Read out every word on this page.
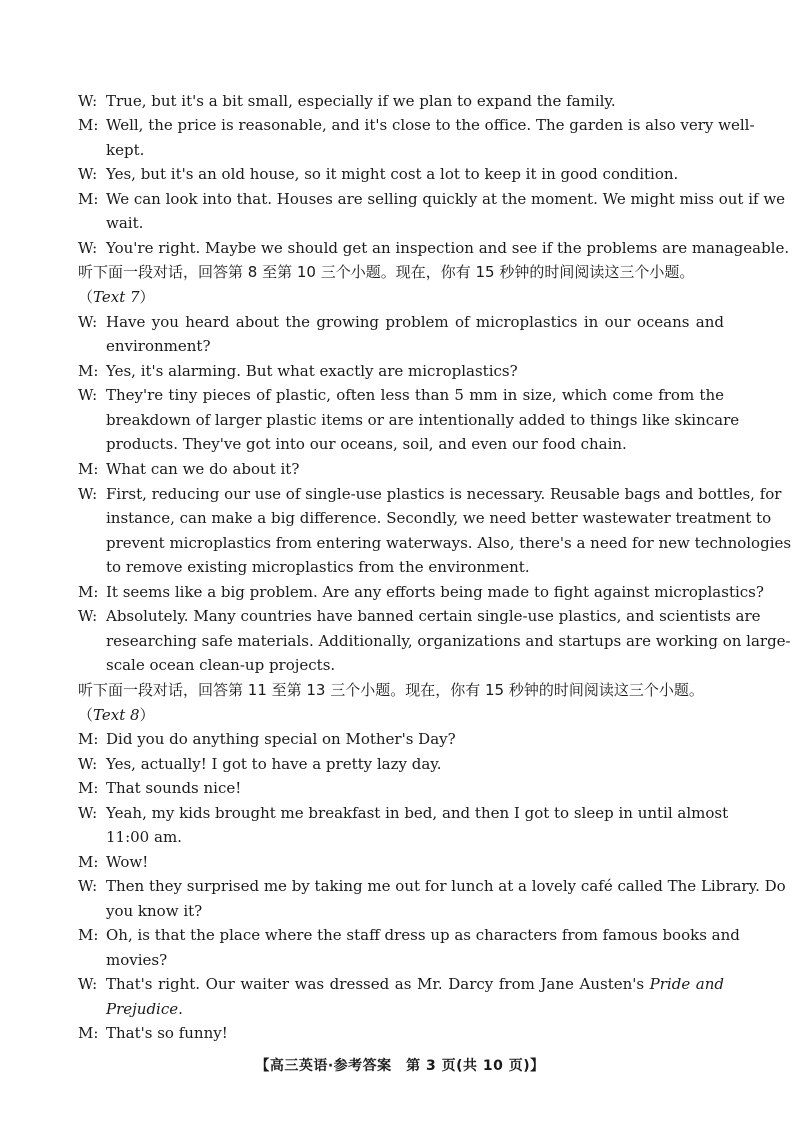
W: True, but it's a bit small, especially if we plan to expand the family.
M: Well, the price is reasonable, and it's close to the office. The garden is also very well-
kept.
W: Yes, but it's an old house, so it might cost a lot to keep it in good condition.
M: We can look into that. Houses are selling quickly at the moment. We might miss out if we
wait.
W: You're right. Maybe we should get an inspection and see if the problems are manageable.
听下面一段对话，回答第 8 至第 10 三个小题。现在，你有 15 秒钟的时间阅读这三个小题。
（Text 7）
W: Have you heard about the growing problem of microplastics in our oceans and
environment?
M: Yes, it's alarming. But what exactly are microplastics?
W: They're tiny pieces of plastic, often less than 5 mm in size, which come from the
breakdown of larger plastic items or are intentionally added to things like skincare
products. They've got into our oceans, soil, and even our food chain.
M: What can we do about it?
W: First, reducing our use of single-use plastics is necessary. Reusable bags and bottles, for
instance, can make a big difference. Secondly, we need better wastewater treatment to
prevent microplastics from entering waterways. Also, there's a need for new technologies
to remove existing microplastics from the environment.
M: It seems like a big problem. Are any efforts being made to fight against microplastics?
W: Absolutely. Many countries have banned certain single-use plastics, and scientists are
researching safe materials. Additionally, organizations and startups are working on large-
scale ocean clean-up projects.
听下面一段对话，回答第 11 至第 13 三个小题。现在，你有 15 秒钟的时间阅读这三个小题。
（Text 8）
M: Did you do anything special on Mother's Day?
W: Yes, actually! I got to have a pretty lazy day.
M: That sounds nice!
W: Yeah, my kids brought me breakfast in bed, and then I got to sleep in until almost
11:00 am.
M: Wow!
W: Then they surprised me by taking me out for lunch at a lovely café called The Library. Do
you know it?
M: Oh, is that the place where the staff dress up as characters from famous books and
movies?
W: That's right. Our waiter was dressed as Mr. Darcy from Jane Austen's Pride and
Prejudice.
M: That's so funny!
【高三英语·参考答案　第 3 页(共 10 页)】
